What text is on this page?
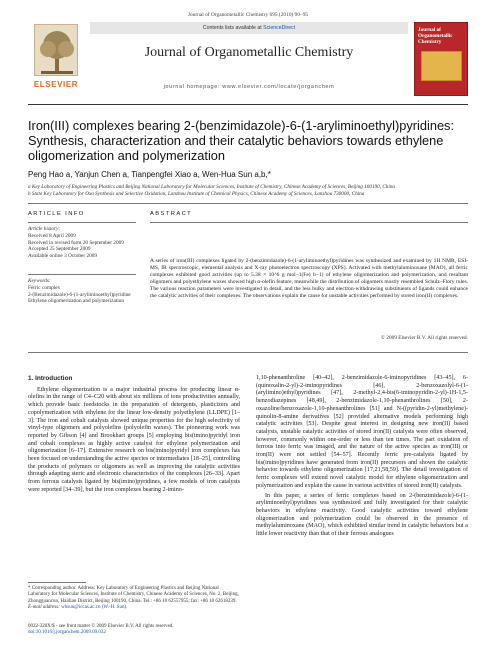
Journal of Organometallic Chemistry 695 (2010) 90–95
ELSEVIER
Contents lists available at ScienceDirect
Journal of Organometallic Chemistry
journal homepage: www.elsevier.com/locate/jorganchem
Journal of Organometallic Chemistry
Iron(III) complexes bearing 2-(benzimidazole)-6-(1-aryliminoethyl)pyridines: Synthesis, characterization and their catalytic behaviors towards ethylene oligomerization and polymerization
Peng Hao a, Yanjun Chen a, Tianpengfei Xiao a, Wen-Hua Sun a,b,*
a Key Laboratory of Engineering Plastics and Beijing National Laboratory for Molecular Sciences, Institute of Chemistry, Chinese Academy of Sciences, Beijing 100190, China
b State Key Laboratory for Oxo Synthesis and Selective Oxidation, Lanzhou Institute of Chemical Physics, Chinese Academy of Sciences, Lanzhou 730000, China
ARTICLE INFO	ABSTRACT
Article history:
Received 8 April 2009
Received in revised form 20 September 2009
Accepted 25 September 2009
Available online 3 October 2009
Keywords:
Ferric complex
2-(Benzimidazole)-6-(1-aryliminoethyl)pyridine
Ethylene oligomerization and polymerization
A series of iron(III) complexes ligated by 2-(benzimidazole)-6-(1-aryliminoethyl)pyridines was synthesized and examined by 1H NMR, ESI-MS, IR spectroscopic, elemental analysis and X-ray photoelectron spectroscopy (XPS). Activated with methylaluminoxane (MAO), all ferric complexes exhibited good activities (up to 5.38 × 10^6 g mol−1(Fe) h−1) of ethylene oligomerization and polymerization, and resultant oligomers and polyethylene waxes showed high α-olefin feature, meanwhile the distribution of oligomers mostly resembled Schulz–Flory rules. The various reaction parameters were investigated in detail, and the less bulky and electron-withdrawing substituents of ligands could enhance the catalytic activities of their complexes. The observations explain the cause for unstable activities performed by stored iron(II) complexes.
© 2009 Elsevier B.V. All rights reserved.
1. Introduction

Ethylene oligomerization is a major industrial process for producing linear α-olefins in the range of C4–C20 with about six millions of tons productivities annually, which provide basic feedstocks in the preparation of detergents, plasticizers and copolymerization with ethylene for the linear low-density polyethylene (LLDPE) [1–3]. The iron and cobalt catalysts showed unique properties for the high selectivity of vinyl-type oligomers and polyolefins (polyolefin waxes). The pioneering work was reported by Gibson [4] and Brookhart groups [5] employing bis(imino)pyridyl iron and cobalt complexes as highly active catalyst for ethylene polymerization and oligomerization [6–17]. Extensive research on bis(imino)pyridyl iron complexes has been focused on understanding the active species or intermediates [18–25], controlling the products of polymers or oligomers as well as improving the catalytic activities through adapting steric and electronic characteristics of the complexes [26–33]. Apart from ferrous catalysts ligated by bis(imino)pyridines, a few models of iron catalysts were reported [34–39], but the iron complexes bearing 2-imino-

1,10-phenanthroline [40–42], 2-benzimidazole-6-iminopyridines [43–45], 6-(quinoxalin-2-yl)-2-iminopyridines [46], 2-benzoxazolyl-6-(1-(arylimino)ethyl)pyridines [47], 2-methyl-2,4-bis(6-iminopyridin-2-yl)-1H-1,5-benzodiazepines [48,49], 2-benzimidazole-1,10-phenanthrolines [50], 2-oxazoline/benzoxazole-1,10-phenanthrolines [51] and N-((pyridin-2-yl)methylene)-quinolin-8-amine derivatives [52] provided alternative models performing high catalytic activities [53]. Despite great interest in designing new iron(II) based catalysts, unstable catalytic activities of stored iron(II) catalysts were often observed, however, commonly within one-order or less than ten times. The part oxidation of ferrous into ferric was imaged, and the nature of the active species as iron(III) or iron(II) were not settled [54–57]. Recently ferric pre-catalysts ligated by bis(imino)pyridines have generated from iron(II) precursors and shown the catalytic behavior towards ethylene oligomerization [17,21,58,59]. The detail investigation of ferric complexes will extend novel catalytic model for ethylene oligomerization and polymerization and explain the cause in various activities of stored iron(II) catalysts.

In this paper, a series of ferric complexes based on 2-(benzimidazole)-6-(1-aryliminoethyl)pyridines was synthesized and fully investigated for their catalytic behaviors in ethylene reactivity. Good catalytic activities toward ethylene oligomerization and polymerization could be observed in the presence of methylaluminoxane (MAO), which exhibited similar trend in catalytic behaviors but a little lower reactivity than that of their ferrous analogues

* Corresponding author. Address: Key Laboratory of Engineering Plastics and Beijing National Laboratory for Molecular Sciences, Institute of Chemistry, Chinese Academy of Sciences, No. 2, Beijing, Zhongguancun, Haidian District, Beijing 100190, China. Tel.: +86 10 62557955; fax: +86 10 62618239.
E-mail address: whsun@iccas.ac.cn (W.-H. Sun).
0022-328X/$ - see front matter © 2009 Elsevier B.V. All rights reserved.
doi:10.1016/j.jorganchem.2009.09.032
